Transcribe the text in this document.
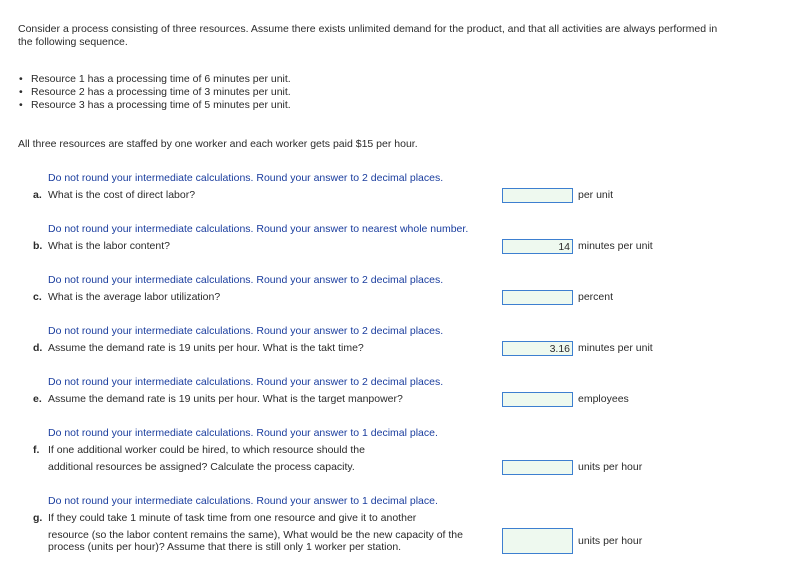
Consider a process consisting of three resources. Assume there exists unlimited demand for the product, and that all activities are always performed in the following sequence.
• Resource 1 has a processing time of 6 minutes per unit.
• Resource 2 has a processing time of 3 minutes per unit.
• Resource 3 has a processing time of 5 minutes per unit.
All three resources are staffed by one worker and each worker gets paid $15 per hour.
Do not round your intermediate calculations. Round your answer to 2 decimal places.
a. What is the cost of direct labor?	per unit
Do not round your intermediate calculations. Round your answer to nearest whole number.
b. What is the labor content?
14	minutes per unit
Do not round your intermediate calculations. Round your answer to 2 decimal places.
c. What is the average labor utilization?	percent
Do not round your intermediate calculations. Round your answer to 2 decimal places.
d. Assume the demand rate is 19 units per hour. What is the takt time?
3.16	minutes per unit
Do not round your intermediate calculations. Round your answer to 2 decimal places.
e. Assume the demand rate is 19 units per hour. What is the target manpower?	employees
Do not round your intermediate calculations. Round your answer to 1 decimal place.
f. If one additional worker could be hired, to which resource should the
additional resources be assigned? Calculate the process capacity.	units per hour
Do not round your intermediate calculations. Round your answer to 1 decimal place.
g. If they could take 1 minute of task time from one resource and give it to another
resource (so the labor content remains the same), What would be the new capacity of the
process (units per hour)? Assume that there is still only 1 worker per station.	units per hour
